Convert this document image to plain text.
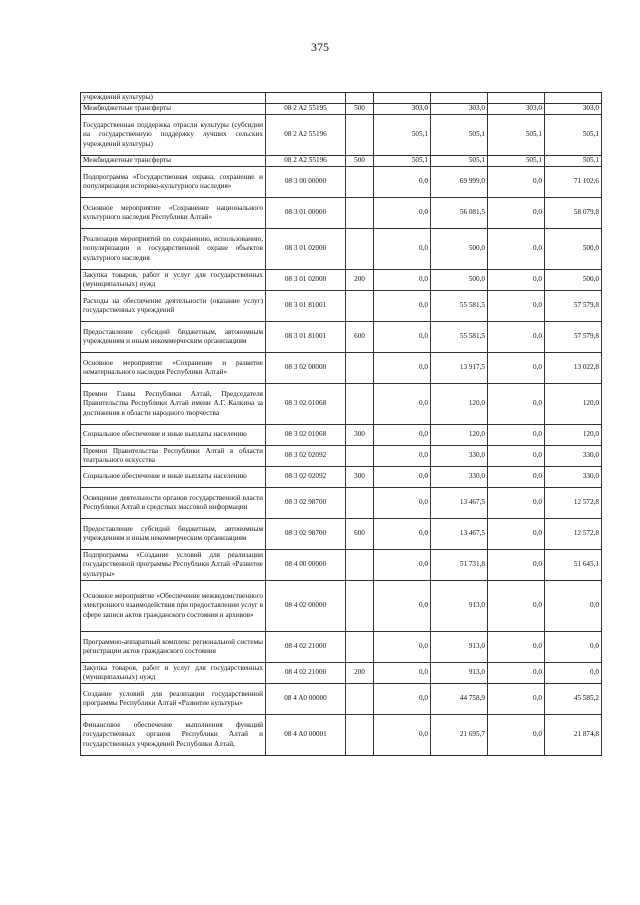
375
учреждений культуры)						
Межбюджетные трансферты	08 2 A2 55195	500	303,0	303,0	303,0	303,0
Государственная поддержка отрасли культуры (субсидии на государственную поддержку лучших сельских учреждений культуры)	08 2 A2 55196		505,1	505,1	505,1	505,1
Межбюджетные трансферты	08 2 A2 55196	500	505,1	505,1	505,1	505,1
Подпрограмма «Государственная охрана, сохранение и популяризация историко-культурного наследия»	08 3 00 00000		0,0	69 999,0	0,0	71 102,6
Основное мероприятие «Сохранение национального культурного наследия Республики Алтай»	08 3 01 00000		0,0	56 081,5	0,0	58 079,8
Реализация мероприятий по сохранению, использованию, популяризации и государственной охране объектов культурного наследия	08 3 01 02000		0,0	500,0	0,0	500,0
Закупка товаров, работ и услуг для государственных (муниципальных) нужд	08 3 01 02000	200	0,0	500,0	0,0	500,0
Расходы на обеспечение деятельности (оказание услуг) государственных учреждений	08 3 01 81001		0,0	55 581,5	0,0	57 579,8
Предоставление субсидий бюджетным, автономным учреждениям и иным некоммерческим организациям	08 3 01 81001	600	0,0	55 581,5	0,0	57 579,8
Основное мероприятие «Сохранение и развитие нематериального наследия Республики Алтай»	08 3 02 00000		0,0	13 917,5	0,0	13 022,8
Премии Главы Республики Алтай, Председателя Правительства Республики Алтай имени А.Г. Калкина за достижения в области народного творчества	08 3 02 01068		0,0	120,0	0,0	120,0
Социальное обеспечение и иные выплаты населению	08 3 02 01068	300	0,0	120,0	0,0	120,0
Премии Правительства Республики Алтай в области театрального искусства	08 3 02 02092		0,0	330,0	0,0	330,0
Социальное обеспечение и иные выплаты населению	08 3 02 02092	300	0,0	330,0	0,0	330,0
Освещение деятельности органов государственной власти Республики Алтай в средствах массовой информации	08 3 02 98700		0,0	13 467,5	0,0	12 572,8
Предоставление субсидий бюджетным, автономным учреждениям и иным некоммерческим организациям	08 3 02 98700	600	0,0	13 467,5	0,0	12 572,8
Подпрограмма «Создание условий для реализации государственной программы Республики Алтай «Развитие культуры»	08 4 00 00000		0,0	51 731,8	0,0	51 645,1
Основное мероприятие «Обеспечение межведомственного электронного взаимодействия при предоставлении услуг в сфере записи актов гражданского состояния и архивов»	08 4 02 00000		0,0	913,0	0,0	0,0
Программно-аппаратный комплекс региональной системы регистрации актов гражданского состояния	08 4 02 21000		0,0	913,0	0,0	0,0
Закупка товаров, работ и услуг для государственных (муниципальных) нужд	08 4 02 21000	200	0,0	913,0	0,0	0,0
Создание условий для реализации государственной программы Республики Алтай «Развитие культуры»	08 4 A0 00000		0,0	44 758,9	0,0	45 585,2
Финансовое обеспечение выполнения функций государственных органов Республики Алтай и государственных учреждений Республики Алтай,	08 4 A0 00001		0,0	21 695,7	0,0	21 874,8
